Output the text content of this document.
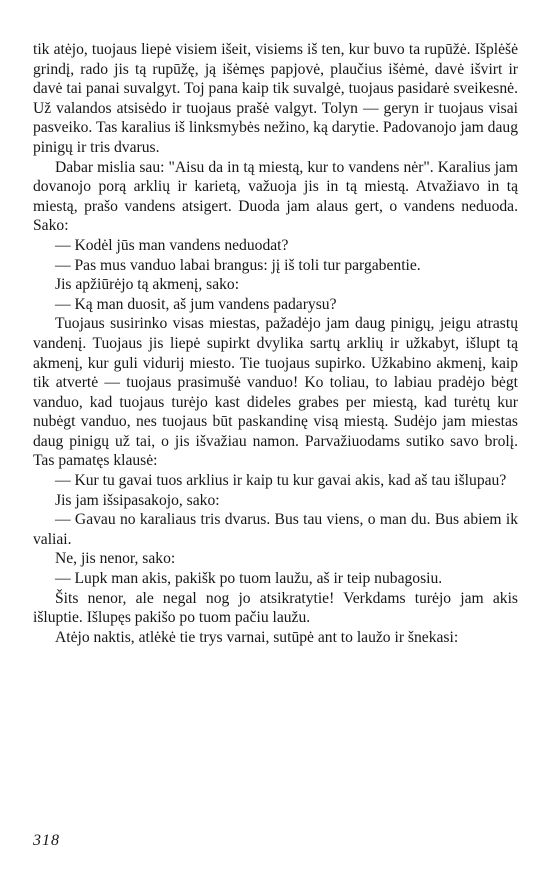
tik atėjo, tuojaus liepė visiem išeit, visiems iš ten, kur buvo ta rupūžė. Išplėšė grindį, rado jis tą rupūžę, ją išėmęs papjovė, plaučius išėmė, davė išvirt ir davė tai panai suvalgyt. Toj pana kaip tik suvalgė, tuojaus pasidarė sveikesnė. Už valandos atsisėdo ir tuojaus prašė valgyt. Tolyn — geryn ir tuojaus visai pasveiko. Tas karalius iš linksmybės nežino, ką darytie. Padovanojo jam daug pinigų ir tris dvarus.

Dabar mislia sau: "Aisu da in tą miestą, kur to vandens nėr". Karalius jam dovanojo porą arklių ir karietą, važuoja jis in tą miestą. Atvažiavo in tą miestą, prašo vandens atsigert. Duoda jam alaus gert, o vandens neduoda. Sako:

— Kodėl jūs man vandens neduodat?

— Pas mus vanduo labai brangus: jį iš toli tur pargabentie.

Jis apžiūrėjo tą akmenį, sako:

— Ką man duosit, aš jum vandens padarysu?

Tuojaus susirinko visas miestas, pažadėjo jam daug pinigų, jeigu atrastų vandenį. Tuojaus jis liepė supirkt dvylika sartų arklių ir užkabyt, išlupt tą akmenį, kur guli vidurij miesto. Tie tuojaus supirko. Užkabino akmenį, kaip tik atvertė — tuojaus prasimušė vanduo! Ko toliau, to labiau pradėjo bėgt vanduo, kad tuojaus turėjo kast dideles grabes per miestą, kad turėtų kur nubėgt vanduo, nes tuojaus būt paskandinę visą miestą. Sudėjo jam miestas daug pinigų už tai, o jis išvažiau namon. Parvažiuodams sutiko savo brolį. Tas pamatęs klausė:

— Kur tu gavai tuos arklius ir kaip tu kur gavai akis, kad aš tau išlupau?

Jis jam išsipasakojo, sako:

— Gavau no karaliaus tris dvarus. Bus tau viens, o man du. Bus abiem ik valiai.

Ne, jis nenor, sako:

— Lupk man akis, pakišk po tuom laužu, aš ir teip nubagosiu.

Šits nenor, ale negal nog jo atsikratytie! Verkdams turėjo jam akis išluptie. Išlupęs pakišo po tuom pačiu laužu.

Atėjo naktis, atlėkė tie trys varnai, sutūpė ant to laužo ir šnekasi:

318
